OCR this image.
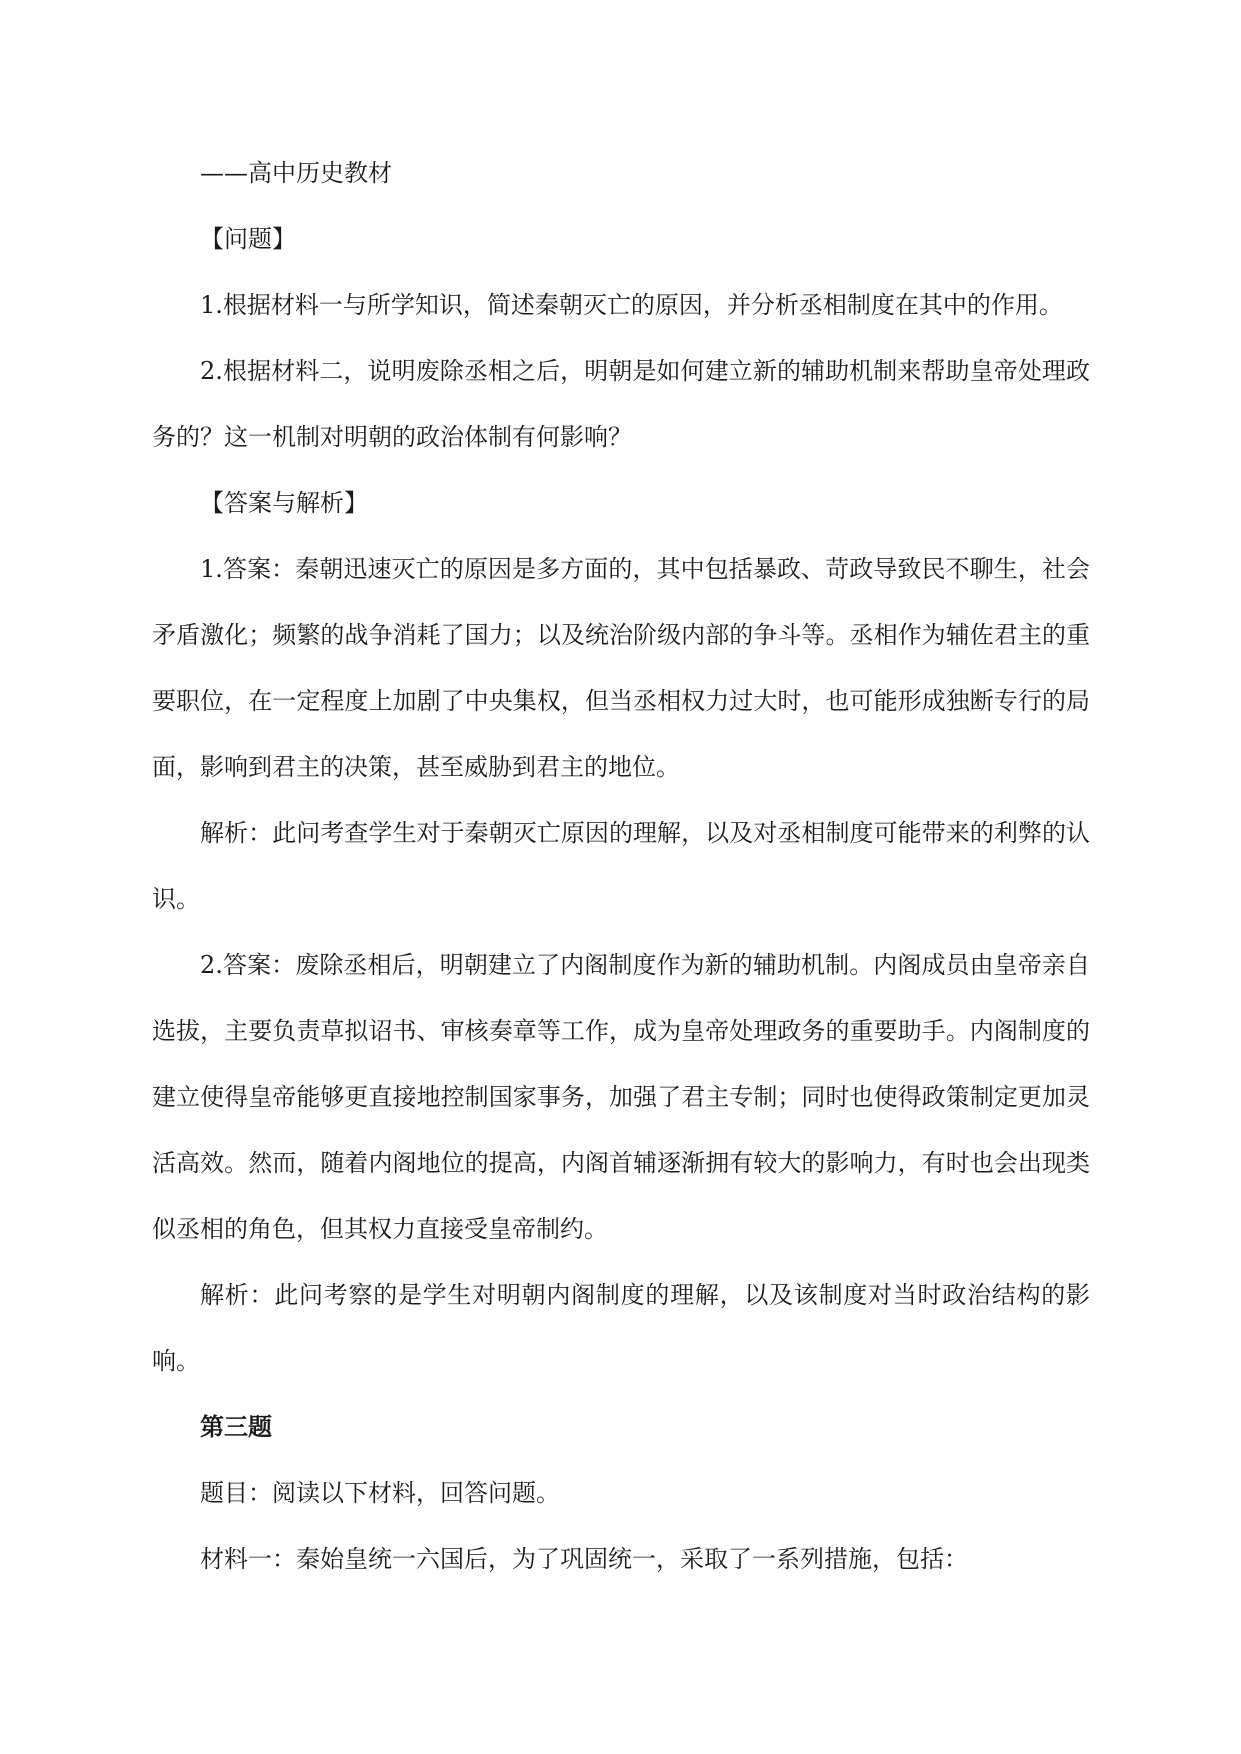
——高中历史教材

【问题】

1.根据材料一与所学知识，简述秦朝灭亡的原因，并分析丞相制度在其中的作用。

2.根据材料二，说明废除丞相之后，明朝是如何建立新的辅助机制来帮助皇帝处理政务的？这一机制对明朝的政治体制有何影响？

【答案与解析】

1.答案：秦朝迅速灭亡的原因是多方面的，其中包括暴政、苛政导致民不聊生，社会矛盾激化；频繁的战争消耗了国力；以及统治阶级内部的争斗等。丞相作为辅佐君主的重要职位，在一定程度上加剧了中央集权，但当丞相权力过大时，也可能形成独断专行的局面，影响到君主的决策，甚至威胁到君主的地位。

解析：此问考查学生对于秦朝灭亡原因的理解，以及对丞相制度可能带来的利弊的认识。

2.答案：废除丞相后，明朝建立了内阁制度作为新的辅助机制。内阁成员由皇帝亲自选拔，主要负责草拟诏书、审核奏章等工作，成为皇帝处理政务的重要助手。内阁制度的建立使得皇帝能够更直接地控制国家事务，加强了君主专制；同时也使得政策制定更加灵活高效。然而，随着内阁地位的提高，内阁首辅逐渐拥有较大的影响力，有时也会出现类似丞相的角色，但其权力直接受皇帝制约。

解析：此问考察的是学生对明朝内阁制度的理解，以及该制度对当时政治结构的影响。

第三题

题目：阅读以下材料，回答问题。

材料一：秦始皇统一六国后，为了巩固统一，采取了一系列措施，包括：
